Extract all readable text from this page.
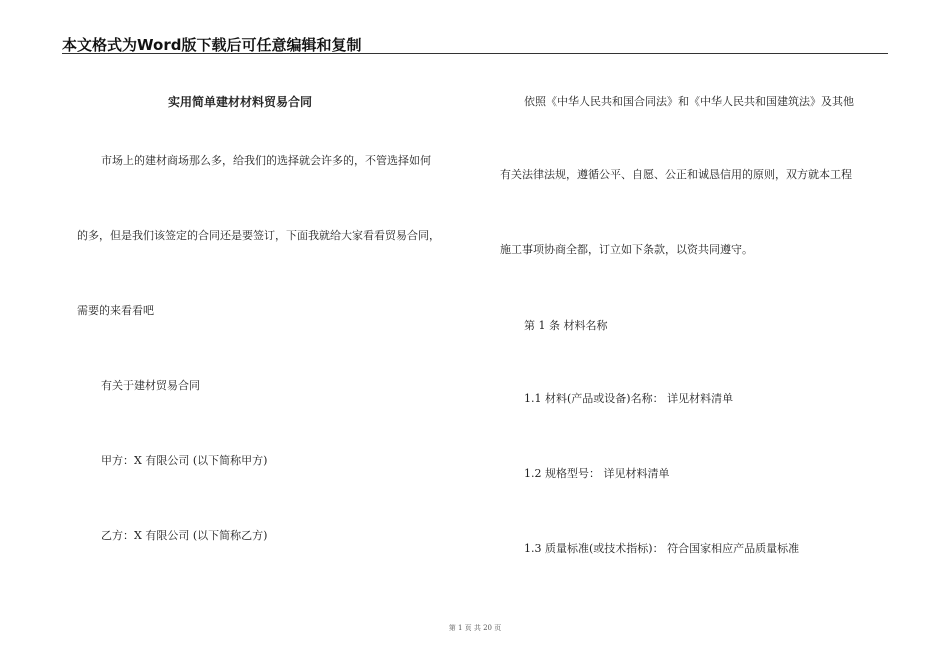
本文格式为Word版下载后可任意编辑和复制
实用简单建材材料贸易合同
市场上的建材商场那么多，给我们的选择就会许多的，不管选择如何
的多，但是我们该签定的合同还是要签订，下面我就给大家看看贸易合同，
需要的来看看吧
有关于建材贸易合同
甲方：X 有限公司 (以下简称甲方)
乙方：X 有限公司 (以下简称乙方)
依照《中华人民共和国合同法》和《中华人民共和国建筑法》及其他
有关法律法规，遵循公平、自愿、公正和诚恳信用的原则，双方就本工程
施工事项协商全都，订立如下条款，以资共同遵守。
第 1 条 材料名称
1.1 材料(产品或设备)名称： 详见材料清单
1.2 规格型号： 详见材料清单
1.3 质量标准(或技术指标)： 符合国家相应产品质量标准
第 1 页 共 20 页
